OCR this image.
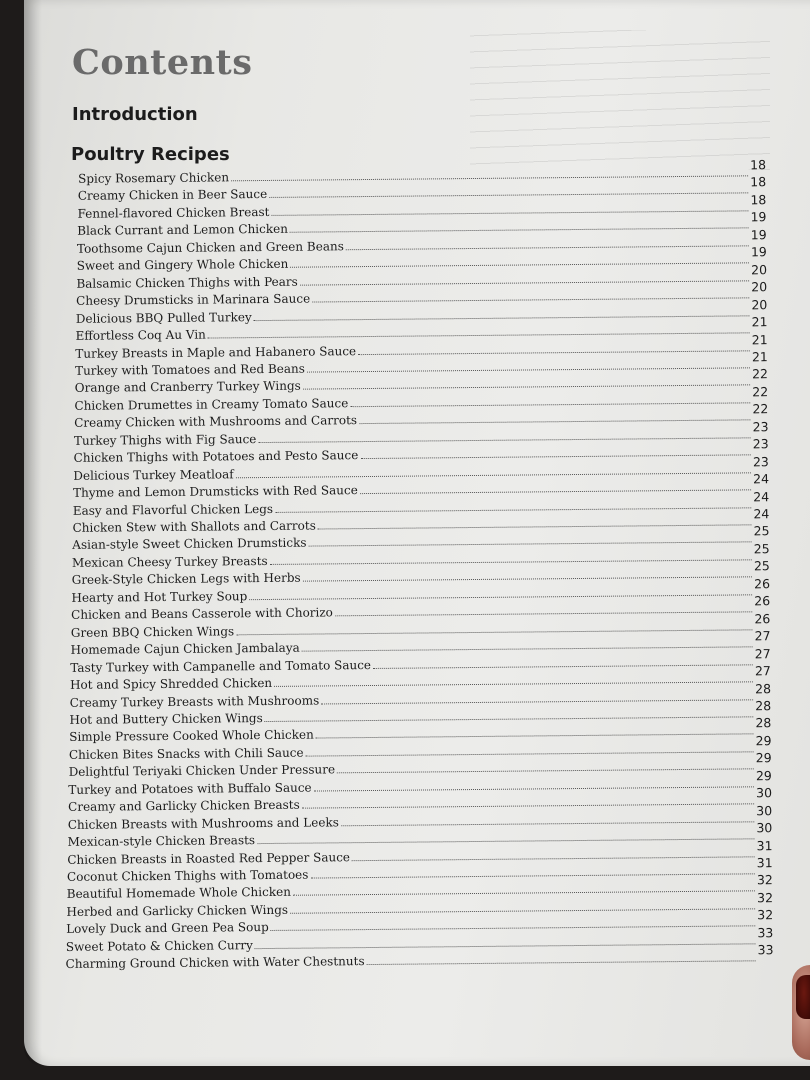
Contents
Introduction
Poultry Recipes
Spicy Rosemary Chicken
18
Creamy Chicken in Beer Sauce
18
Fennel-flavored Chicken Breast
18
Black Currant and Lemon Chicken
19
Toothsome Cajun Chicken and Green Beans
19
Sweet and Gingery Whole Chicken
19
Balsamic Chicken Thighs with Pears
20
Cheesy Drumsticks in Marinara Sauce
20
Delicious BBQ Pulled Turkey
20
Effortless Coq Au Vin
21
Turkey Breasts in Maple and Habanero Sauce
21
Turkey with Tomatoes and Red Beans
21
Orange and Cranberry Turkey Wings
22
Chicken Drumettes in Creamy Tomato Sauce
22
Creamy Chicken with Mushrooms and Carrots
22
Turkey Thighs with Fig Sauce
23
Chicken Thighs with Potatoes and Pesto Sauce
23
Delicious Turkey Meatloaf
23
Thyme and Lemon Drumsticks with Red Sauce
24
Easy and Flavorful Chicken Legs
24
Chicken Stew with Shallots and Carrots
24
Asian-style Sweet Chicken Drumsticks
25
Mexican Cheesy Turkey Breasts
25
Greek-Style Chicken Legs with Herbs
25
Hearty and Hot Turkey Soup
26
Chicken and Beans Casserole with Chorizo
26
Green BBQ Chicken Wings
26
Homemade Cajun Chicken Jambalaya
27
Tasty Turkey with Campanelle and Tomato Sauce
27
Hot and Spicy Shredded Chicken
27
Creamy Turkey Breasts with Mushrooms
28
Hot and Buttery Chicken Wings
28
Simple Pressure Cooked Whole Chicken
28
Chicken Bites Snacks with Chili Sauce
29
Delightful Teriyaki Chicken Under Pressure
29
Turkey and Potatoes with Buffalo Sauce
29
Creamy and Garlicky Chicken Breasts
30
Chicken Breasts with Mushrooms and Leeks
30
Mexican-style Chicken Breasts
30
Chicken Breasts in Roasted Red Pepper Sauce
31
Coconut Chicken Thighs with Tomatoes
31
Beautiful Homemade Whole Chicken
32
Herbed and Garlicky Chicken Wings
32
Lovely Duck and Green Pea Soup
32
Sweet Potato & Chicken Curry
33
Charming Ground Chicken with Water Chestnuts
33
